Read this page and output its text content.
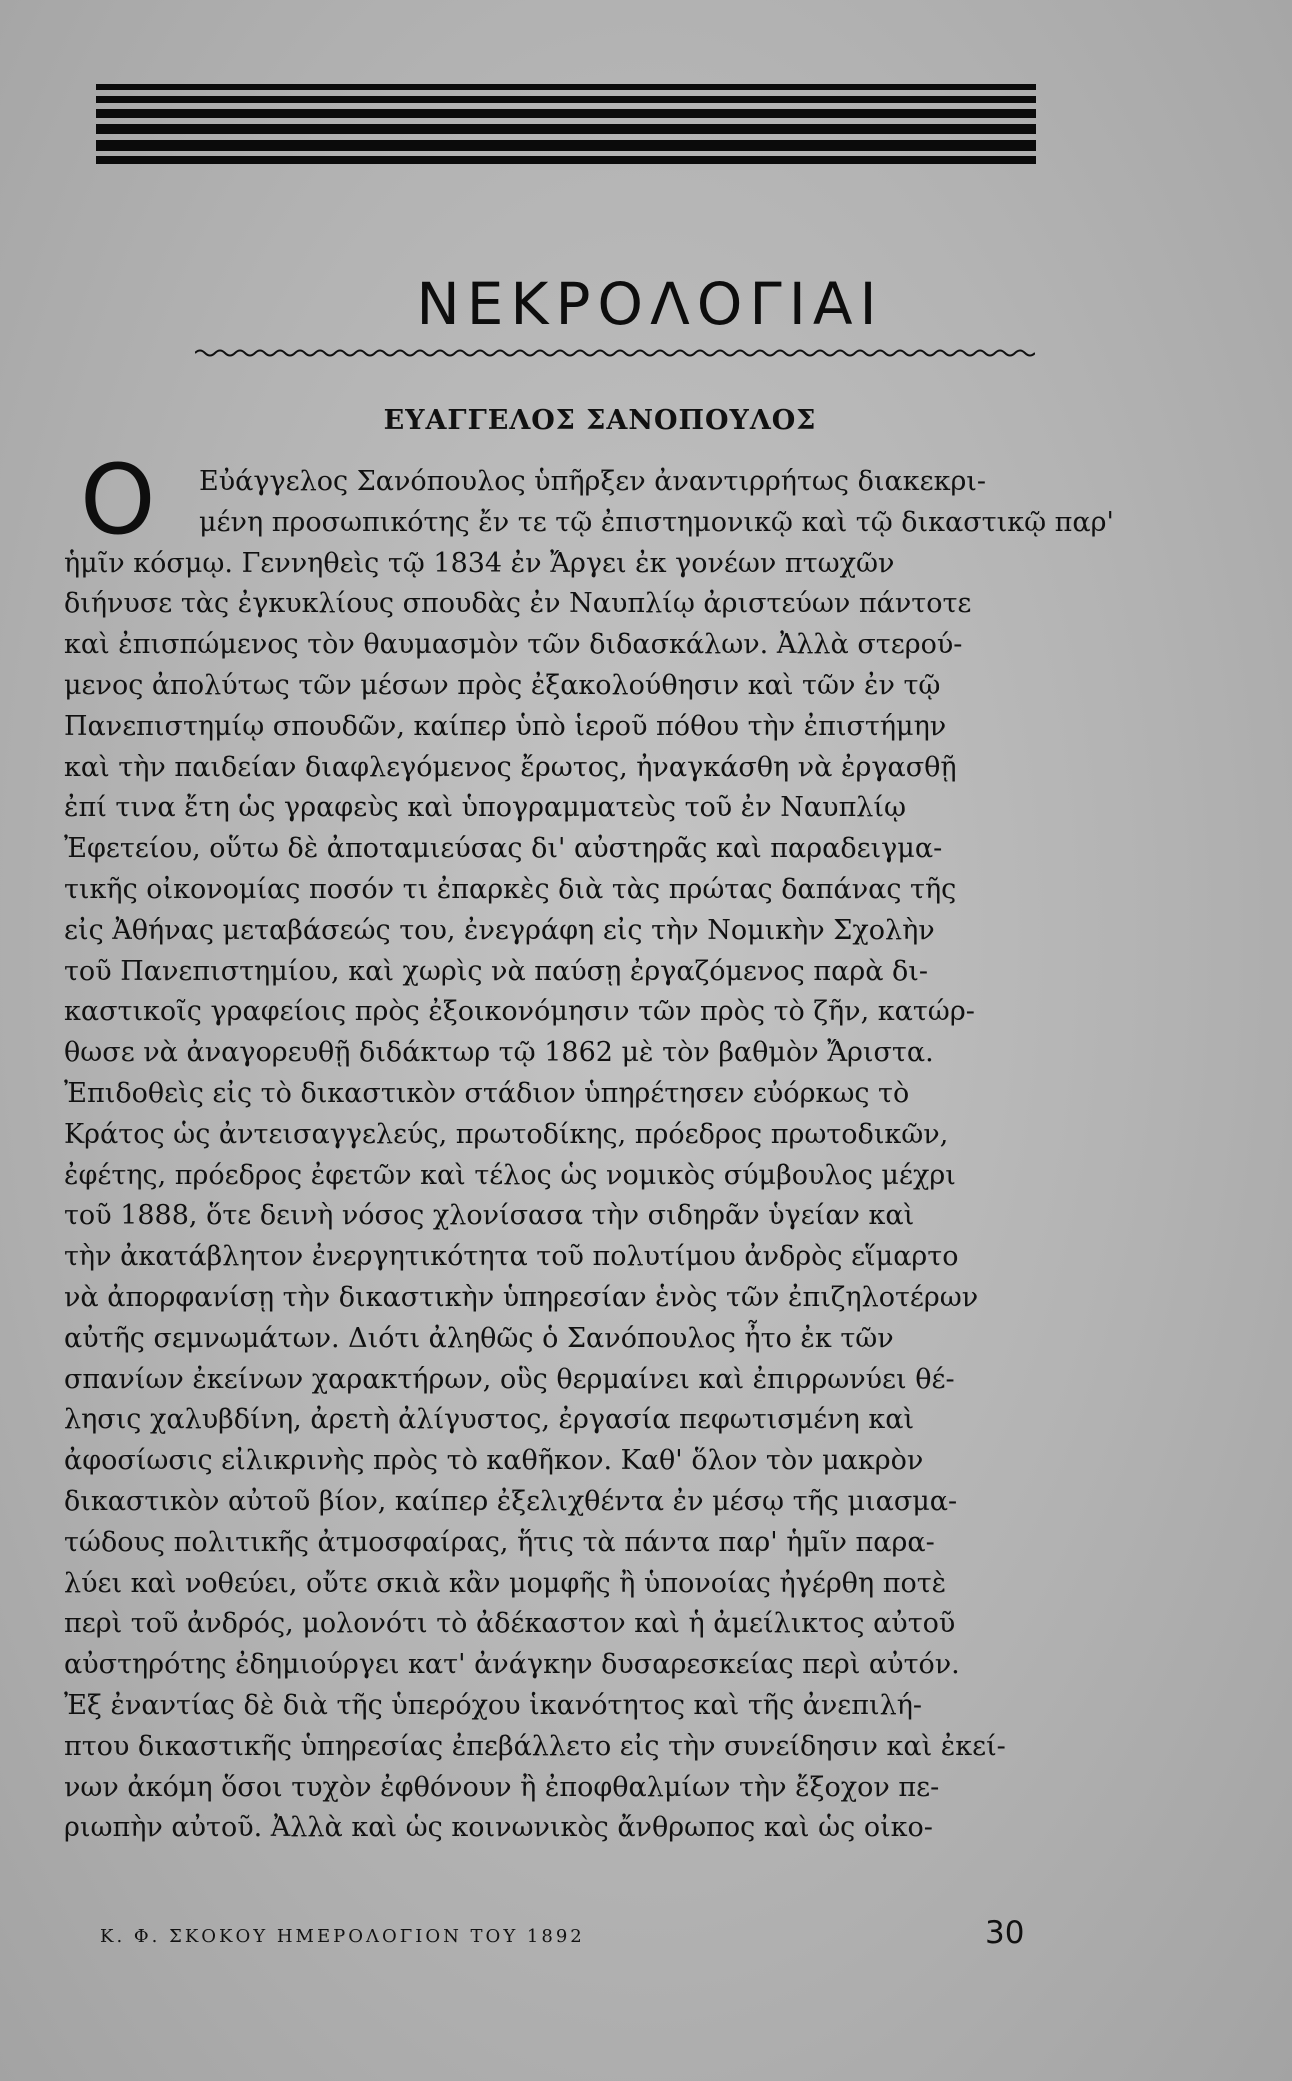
ΝΕΚΡΟΛΟΓΙΑΙ
ΕΥΑΓΓΕΛΟΣ ΣΑΝΟΠΟΥΛΟΣ
Ο Εὐάγγελος Σανόπουλος ὑπῆρξεν ἀναντιρρήτως διακεκρι-
μένη προσωπικότης ἔν τε τῷ ἐπιστημονικῷ καὶ τῷ δικαστικῷ παρ'
ἡμῖν κόσμῳ. Γεννηθεὶς τῷ 1834 ἐν Ἄργει ἐκ γονέων πτωχῶν
διήνυσε τὰς ἐγκυκλίους σπουδὰς ἐν Ναυπλίῳ ἀριστεύων πάντοτε
καὶ ἐπισπώμενος τὸν θαυμασμὸν τῶν διδασκάλων. Ἀλλὰ στερού-
μενος ἀπολύτως τῶν μέσων πρὸς ἐξακολούθησιν καὶ τῶν ἐν τῷ
Πανεπιστημίῳ σπουδῶν, καίπερ ὑπὸ ἱεροῦ πόθου τὴν ἐπιστήμην
καὶ τὴν παιδείαν διαφλεγόμενος ἔρωτος, ἠναγκάσθη νὰ ἐργασθῇ
ἐπί τινα ἔτη ὡς γραφεὺς καὶ ὑπογραμματεὺς τοῦ ἐν Ναυπλίῳ
Ἐφετείου, οὕτω δὲ ἀποταμιεύσας δι' αὐστηρᾶς καὶ παραδειγμα-
τικῆς οἰκονομίας ποσόν τι ἐπαρκὲς διὰ τὰς πρώτας δαπάνας τῆς
εἰς Ἀθήνας μεταβάσεώς του, ἐνεγράφη εἰς τὴν Νομικὴν Σχολὴν
τοῦ Πανεπιστημίου, καὶ χωρὶς νὰ παύσῃ ἐργαζόμενος παρὰ δι-
καστικοῖς γραφείοις πρὸς ἐξοικονόμησιν τῶν πρὸς τὸ ζῆν, κατώρ-
θωσε νὰ ἀναγορευθῇ διδάκτωρ τῷ 1862 μὲ τὸν βαθμὸν Ἄριστα.
Ἐπιδοθεὶς εἰς τὸ δικαστικὸν στάδιον ὑπηρέτησεν εὐόρκως τὸ
Κράτος ὡς ἀντεισαγγελεύς, πρωτοδίκης, πρόεδρος πρωτοδικῶν,
ἐφέτης, πρόεδρος ἐφετῶν καὶ τέλος ὡς νομικὸς σύμβουλος μέχρι
τοῦ 1888, ὅτε δεινὴ νόσος χλονίσασα τὴν σιδηρᾶν ὑγείαν καὶ
τὴν ἀκατάβλητον ἐνεργητικότητα τοῦ πολυτίμου ἀνδρὸς εἵμαρτο
νὰ ἀπορφανίσῃ τὴν δικαστικὴν ὑπηρεσίαν ἑνὸς τῶν ἐπιζηλοτέρων
αὐτῆς σεμνωμάτων. Διότι ἀληθῶς ὁ Σανόπουλος ἦτο ἐκ τῶν
σπανίων ἐκείνων χαρακτήρων, οὓς θερμαίνει καὶ ἐπιρρωνύει θέ-
λησις χαλυβδίνη, ἀρετὴ ἀλίγυστος, ἐργασία πεφωτισμένη καὶ
ἀφοσίωσις εἰλικρινὴς πρὸς τὸ καθῆκον. Καθ' ὅλον τὸν μακρὸν
δικαστικὸν αὐτοῦ βίον, καίπερ ἐξελιχθέντα ἐν μέσῳ τῆς μιασμα-
τώδους πολιτικῆς ἀτμοσφαίρας, ἥτις τὰ πάντα παρ' ἡμῖν παρα-
λύει καὶ νοθεύει, οὔτε σκιὰ κἂν μομφῆς ἢ ὑπονοίας ἠγέρθη ποτὲ
περὶ τοῦ ἀνδρός, μολονότι τὸ ἀδέκαστον καὶ ἡ ἀμείλικτος αὐτοῦ
αὐστηρότης ἐδημιούργει κατ' ἀνάγκην δυσαρεσκείας περὶ αὐτόν.
Ἐξ ἐναντίας δὲ διὰ τῆς ὑπερόχου ἱκανότητος καὶ τῆς ἀνεπιλή-
πτου δικαστικῆς ὑπηρεσίας ἐπεβάλλετο εἰς τὴν συνείδησιν καὶ ἐκεί-
νων ἀκόμη ὅσοι τυχὸν ἐφθόνουν ἢ ἐποφθαλμίων τὴν ἔξοχον πε-
ριωπὴν αὐτοῦ. Ἀλλὰ καὶ ὡς κοινωνικὸς ἄνθρωπος καὶ ὡς οἰκο-
Κ. Φ. ΣΚΟΚΟΥ ΗΜΕΡΟΛΟΓΙΟΝ ΤΟΥ 1892	30
